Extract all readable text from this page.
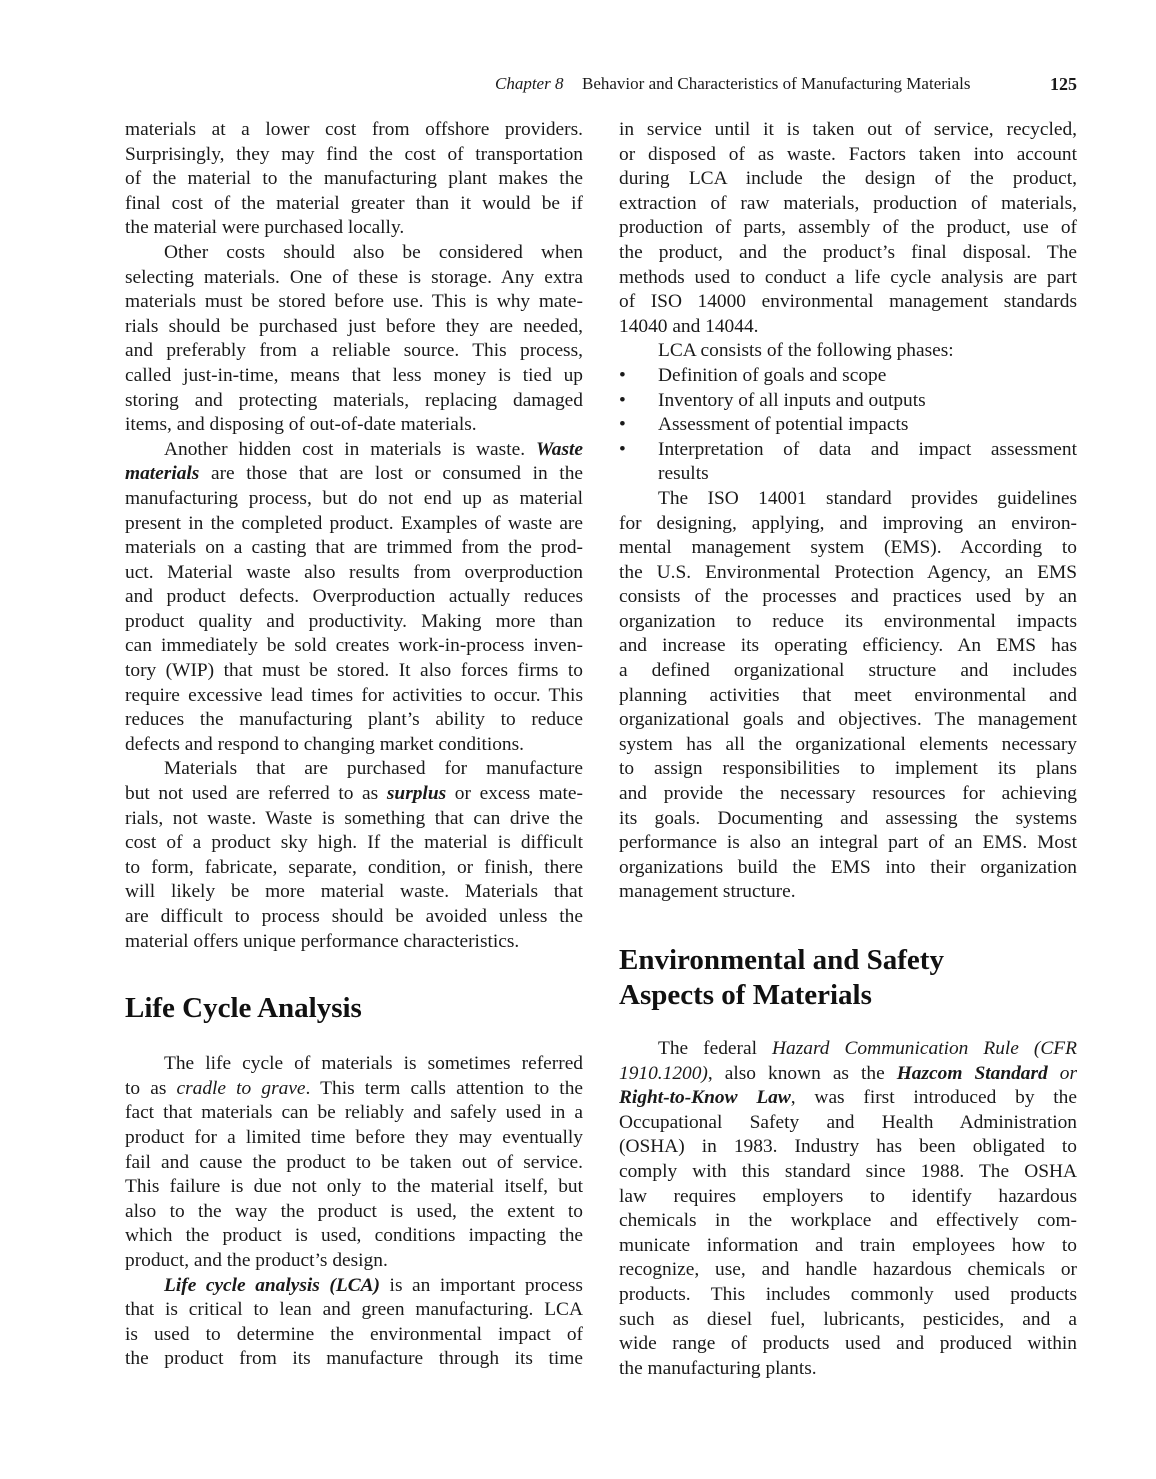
Chapter 8 Behavior and Characteristics of Manufacturing Materials	125
materials at a lower cost from offshore providers.
Surprisingly, they may find the cost of transportation
of the material to the manufacturing plant makes the
final cost of the material greater than it would be if
the material were purchased locally.
Other costs should also be considered when
selecting materials. One of these is storage. Any extra
materials must be stored before use. This is why mate-
rials should be purchased just before they are needed,
and preferably from a reliable source. This process,
called just-in-time, means that less money is tied up
storing and protecting materials, replacing damaged
items, and disposing of out-of-date materials.
Another hidden cost in materials is waste. Waste
materials are those that are lost or consumed in the
manufacturing process, but do not end up as material
present in the completed product. Examples of waste are
materials on a casting that are trimmed from the prod-
uct. Material waste also results from overproduction
and product defects. Overproduction actually reduces
product quality and productivity. Making more than
can immediately be sold creates work-in-process inven-
tory (WIP) that must be stored. It also forces firms to
require excessive lead times for activities to occur. This
reduces the manufacturing plant’s ability to reduce
defects and respond to changing market conditions.
Materials that are purchased for manufacture
but not used are referred to as surplus or excess mate-
rials, not waste. Waste is something that can drive the
cost of a product sky high. If the material is difficult
to form, fabricate, separate, condition, or finish, there
will likely be more material waste. Materials that
are difficult to process should be avoided unless the
material offers unique performance characteristics.
Life Cycle Analysis
The life cycle of materials is sometimes referred
to as cradle to grave. This term calls attention to the
fact that materials can be reliably and safely used in a
product for a limited time before they may eventually
fail and cause the product to be taken out of service.
This failure is due not only to the material itself, but
also to the way the product is used, the extent to
which the product is used, conditions impacting the
product, and the product’s design.
Life cycle analysis (LCA) is an important process
that is critical to lean and green manufacturing. LCA
is used to determine the environmental impact of
the product from its manufacture through its time
in service until it is taken out of service, recycled,
or disposed of as waste. Factors taken into account
during LCA include the design of the product,
extraction of raw materials, production of materials,
production of parts, assembly of the product, use of
the product, and the product’s final disposal. The
methods used to conduct a life cycle analysis are part
of ISO 14000 environmental management standards
14040 and 14044.
LCA consists of the following phases:
• Definition of goals and scope
• Inventory of all inputs and outputs
• Assessment of potential impacts
• Interpretation of data and impact assessment
results
The ISO 14001 standard provides guidelines
for designing, applying, and improving an environ-
mental management system (EMS). According to
the U.S. Environmental Protection Agency, an EMS
consists of the processes and practices used by an
organization to reduce its environmental impacts
and increase its operating efficiency. An EMS has
a defined organizational structure and includes
planning activities that meet environmental and
organizational goals and objectives. The management
system has all the organizational elements necessary
to assign responsibilities to implement its plans
and provide the necessary resources for achieving
its goals. Documenting and assessing the systems
performance is also an integral part of an EMS. Most
organizations build the EMS into their organization
management structure.
Environmental and Safety
Aspects of Materials
The federal Hazard Communication Rule (CFR
1910.1200), also known as the Hazcom Standard or
Right-to-Know Law, was first introduced by the
Occupational Safety and Health Administration
(OSHA) in 1983. Industry has been obligated to
comply with this standard since 1988. The OSHA
law requires employers to identify hazardous
chemicals in the workplace and effectively com-
municate information and train employees how to
recognize, use, and handle hazardous chemicals or
products. This includes commonly used products
such as diesel fuel, lubricants, pesticides, and a
wide range of products used and produced within
the manufacturing plants.
